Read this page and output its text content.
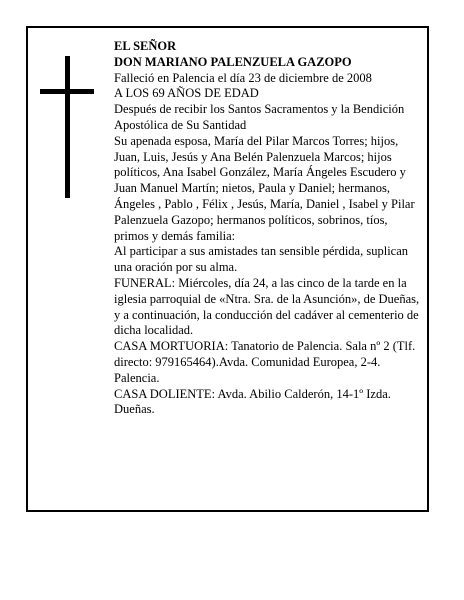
EL SEÑOR

DON MARIANO PALENZUELA GAZOPO

Falleció en Palencia el día 23 de diciembre de 2008

A LOS 69 AÑOS DE EDAD

Después de recibir los Santos Sacramentos y la Bendición Apostólica de Su Santidad

Su apenada esposa, María del Pilar Marcos Torres; hijos, Juan, Luis, Jesús y Ana Belén Palenzuela Marcos; hijos políticos, Ana Isabel González, María Ángeles Escudero y Juan Manuel Martín; nietos, Paula y Daniel; hermanos, Ángeles , Pablo , Félix , Jesús, María, Daniel , Isabel y Pilar Palenzuela Gazopo; hermanos políticos, sobrinos, tíos, primos y demás familia:

Al participar a sus amistades tan sensible pérdida, suplican una oración por su alma.

FUNERAL: Miércoles, día 24, a las cinco de la tarde en la iglesia parroquial de «Ntra. Sra. de la Asunción», de Dueñas, y a continuación, la conducción del cadáver al cementerio de dicha localidad.

CASA MORTUORIA: Tanatorio de Palencia. Sala nº 2 (Tlf. directo: 979165464).Avda. Comunidad Europea, 2-4. Palencia.

CASA DOLIENTE: Avda. Abilio Calderón, 14-1º Izda. Dueñas.
